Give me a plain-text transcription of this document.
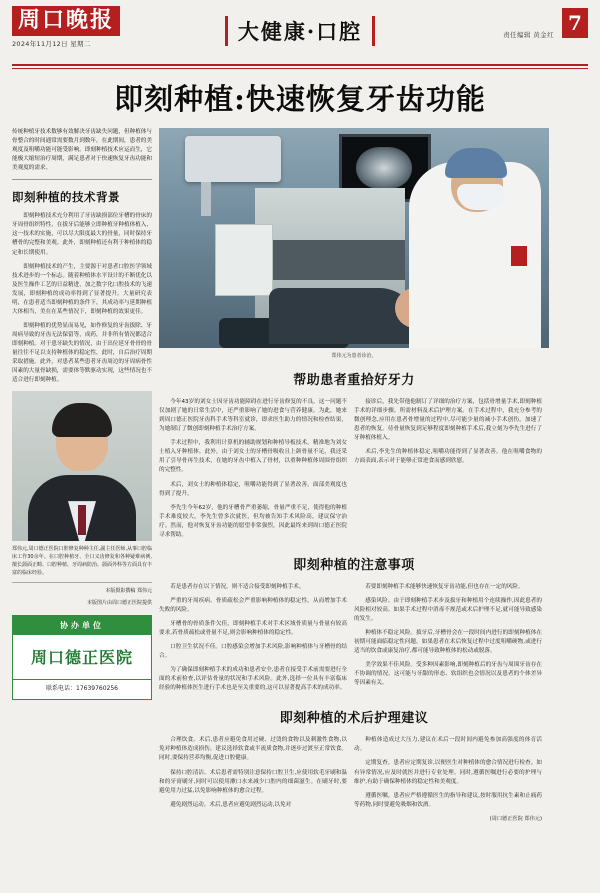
周口晚报
2024年11月12日 星期二
大健康·口腔	7
责任编辑 黄金红
即刻种植:快速恢复牙齿功能
传统种植牙技术数够有效解决牙齿缺失问题，但种植体与骨整合的时间通常需要数月到数年，在此期间，患者的美观度及咀嚼功能可能受影响。即刻种植技术应运而生，它能极大缩短治疗周期，满足患者对于快速恢复牙齿功能和美观度的需求。
即刻种植的技术背景

即刻种植技术充分利用了牙齿缺损部位牙槽的骨床的牙周骨组织特性，在拔牙后能够立即种植牙种植体植入，这一技术的实施，可以尽大限度最大的骨量，同时保持牙槽骨的完整和美观。此外，即刻种植还有利于种植体的稳定和长期使用。

即刻种植技术的产生，主要源于对患者口腔医学领域技术进步的一个标志。随着种植体水平设计的不断优化以及医生操作工艺的日益精进，加之数字化口腔技术的飞速发展，即刻种植的成功率得到了显著提升。大量研究表明，在患者适当即刻种植的条件下，其成功率与延期种植大体相当，美在在某些情况下，即刻种植的效果更佳。

即刻种植的优势显而易见，如作修复的牙齿拔除、牙周病导致的牙齿无法保留等，成药，并非所有情况都适合即刻种植。对于患牙缺失的情况，由于出位延牙骨骨的骨量往往不足以支持种植体的稳定性，此时，自后治疗周期采取措施。此外，对患者某些患者牙齿周边的牙周病骨性因素的大量骨缺损，需要体等默驱动实现，这些情况也不适合进行即刻种植。

郑伟元,周口德正医院口腔修复种种主任,副主任医师,从事口腔临床工作30余年。在口腔种植牙、全口义齿修复和各种疑难病例,擅长颌面正畸、口腔种植、牙周病防治、颌面外科等方面具有丰富的临床经验。
本版摄影撰稿 郑伟元
本版图片由周口德正医院提供
协办单位
周口德正医院
联系电话：17639760256
郑伟元为患者诊治。
帮助患者重拾好牙力

今年43岁的刘女士因牙齿功能障碍在进行牙齿修复的不良，这一问题不仅加剧了她的日常生活中，还严重影响了她的进食与营养健康。为此，她来到周口德正医院牙齿科手术等科室就诊，即求医生助力的情况和检查结果，为她制订了微创即刻种植手术治疗方案。

手术过程中，我利用计算机的辅助规划和种植导板技术，精准地为刘女士植入牙种植体。此外，由于刘女士的牙槽骨吸收且上颌骨量不足，我还采用了引导骨再生技术，在她的牙齿中植入了骨材，以重种种植体周围骨组织的完整性。

术后，刘女士的种植体稳定，咀嚼功能得到了显著改善，面部美观度也得到了提升。

李先生今年62岁，他的牙槽骨严重萎缩，骨量严重不足，使得他的种植手术难度较大。李先生曾多次就医，但均被告知手术风险高，建议保守治疗。然而，他对恢复牙齿功能的愿望非常强烈，因此最终来到周口德正医院寻求帮助。

接诊后，我先带他他制订了详细的治疗方案，包括骨增量手术,即刻种植手术的详细步骤。所需材料及术后护理方案。在手术过程中，我充分参考的微创理念,应用在患者骨增量的过程中,尽可能少量的减小手术创伤，加速了患者的恢复。待骨量恢复到足够程度即刻种植手术后,我立刻为李先生进行了牙种植体植入。

术后,李先生的种植体稳定,咀嚼功能得到了显著改善。他在咀嚼食物的方面表面,表示对于能够正常进食而感到欣慰。

即刻种植的注意事项

若是患者存在以下情况，则不适合接受即刻种植手术。

严重的牙周疾病。骨质疏松会严重影响种植体的稳定性，从而增加手术失败的风险。

牙槽骨的骨质条件欠佳。即刻种植手术对手术区域骨质量与骨量有较高要求,若骨质疏松或骨量不足,则会影响种植体的稳定性。

口腔卫生状况不佳。口腔感染会增加手术风险,影响种植体与牙槽骨的结合。

为了确保即刻种植手术的成功和患者安全,患者在接受手术前需要进行全面的术前检查,以评估骨量的状况和手术风险。此外,选择一位具有丰富临床经验的种植体医生进行手术也是至关重要的,这可以显著提高手术的成功率。

若要即刻种植手术能够快速恢复牙齿功能,但也存在一定的风险。

感染风险。由于即刻种植手术步及拔牙和种植用个连续操作,因此患者的风险相对较高。如果手术过程中消毒不规范或术后护理不足,就可能导致感染的发生。

种植体不稳定风险。拔牙后,牙槽骨会在一段时间内进行的即刻种植体在初期可能面临稳定性问题。如果患者在术后恢复过程中过度咀嚼硬物,或进行适当的饮食或康复治疗,都可能导致种植体的松动或脱落。

美学效果不佳风险。受多种因素影响,即刻种植后的牙齿与周围牙齿存在不协调的情况。这可能与牙龈的形态、软组织也会情况以及患者的个体差异等因素有关。

即刻种植的术后护理建议

合理饮食。术后,患者应避免食用过硬、过烫的食物以及刺激性食物,以免对种植体造成损伤。建议选择软食或半流质食物,并逐步过渡至正常饮食。同时,要保持营养均衡,促进口腔健康。

保持口腔清洁。术后患者需特别注意保持口腔卫生,应使用软毛牙刷和温和的牙膏刷牙,同时可以使用漱口水来减少口腔内的细菌滋生。在刷牙时,要避免用力过猛,以免影响种植体的愈合过程。

避免剧烈运动。术后,患者应避免剧烈运动,以免对

种植体造成过大压力,建议在术后一段时间内避免参加高强度的体育活动。

定期复查。患者应定期复诊,以便医生对种植体的愈合情况进行检查。如有异常情况,应及时就医并进行专业处理。同时,遵循医嘱进行必要的护理与维护,有助于确保种植体的稳定性和美观度。

遵循医嘱。患者应严格遵循医生的指导和建议,按时服用抗生素和止痛药等药物,同时要避免吸烟和饮酒。

(周口德正医院 郑伟元)
